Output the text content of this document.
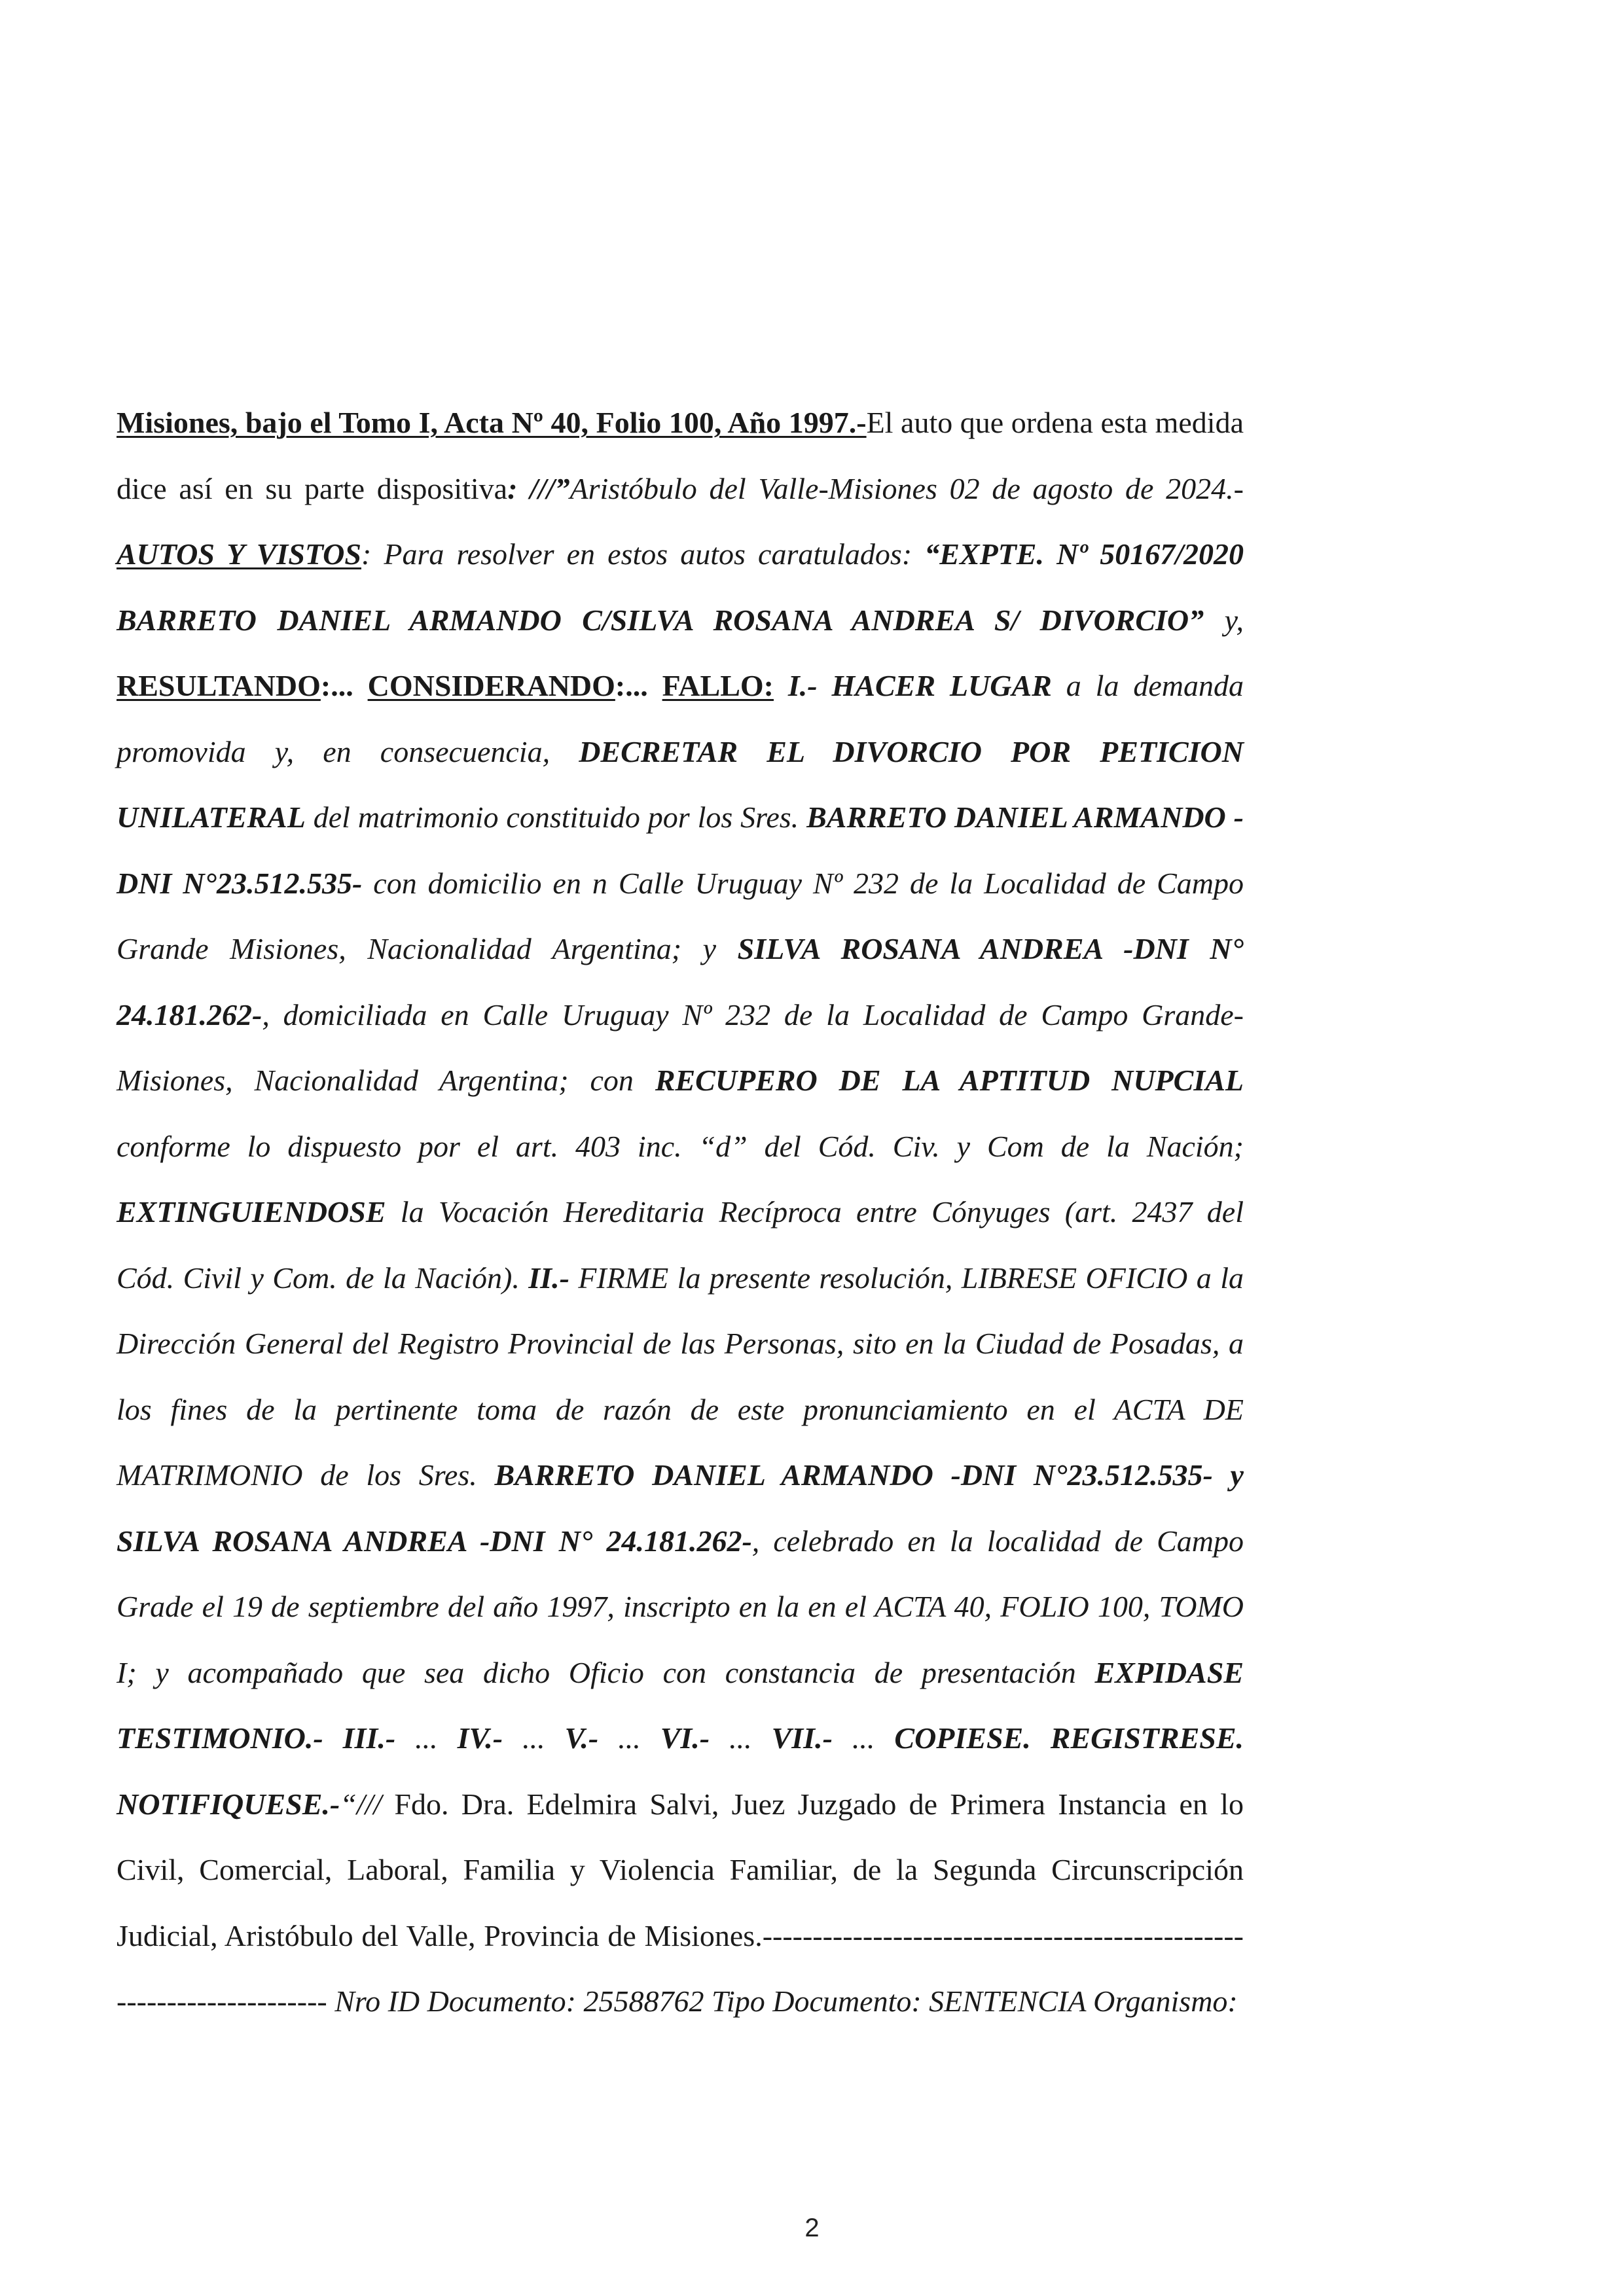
Misiones, bajo el Tomo I, Acta Nº 40, Folio 100, Año 1997.-El auto que ordena esta medida dice así en su parte dispositiva: ///”Aristóbulo del Valle-Misiones 02 de agosto de 2024.- AUTOS Y VISTOS: Para resolver en estos autos caratulados: “EXPTE. Nº 50167/2020 BARRETO DANIEL ARMANDO C/SILVA ROSANA ANDREA S/ DIVORCIO” y, RESULTANDO:... CONSIDERANDO:... FALLO: I.- HACER LUGAR a la demanda promovida y, en consecuencia, DECRETAR EL DIVORCIO POR PETICION UNILATERAL del matrimonio constituido por los Sres. BARRETO DANIEL ARMANDO -DNI N°23.512.535- con domicilio en n Calle Uruguay Nº 232 de la Localidad de Campo Grande Misiones, Nacionalidad Argentina; y SILVA ROSANA ANDREA -DNI N° 24.181.262-, domiciliada en Calle Uruguay Nº 232 de la Localidad de Campo Grande- Misiones, Nacionalidad Argentina; con RECUPERO DE LA APTITUD NUPCIAL conforme lo dispuesto por el art. 403 inc. “d” del Cód. Civ. y Com de la Nación; EXTINGUIENDOSE la Vocación Hereditaria Recíproca entre Cónyuges (art. 2437 del Cód. Civil y Com. de la Nación). II.- FIRME la presente resolución, LIBRESE OFICIO a la Dirección General del Registro Provincial de las Personas, sito en la Ciudad de Posadas, a los fines de la pertinente toma de razón de este pronunciamiento en el ACTA DE MATRIMONIO de los Sres. BARRETO DANIEL ARMANDO -DNI N°23.512.535- y SILVA ROSANA ANDREA -DNI N° 24.181.262-, celebrado en la localidad de Campo Grade el 19 de septiembre del año 1997, inscripto en la en el ACTA 40, FOLIO 100, TOMO I; y acompañado que sea dicho Oficio con constancia de presentación EXPIDASE TESTIMONIO.- III.- ... IV.- ... V.- ... VI.- ... VII.- ... COPIESE. REGISTRESE. NOTIFIQUESE.-“/// Fdo. Dra. Edelmira Salvi, Juez Juzgado de Primera Instancia en lo Civil, Comercial, Laboral, Familia y Violencia Familiar, de la Segunda Circunscripción Judicial, Aristóbulo del Valle, Provincia de Misiones.--------------------------------------------------------------------- Nro ID Documento: 25588762 Tipo Documento: SENTENCIA Organismo:

2
